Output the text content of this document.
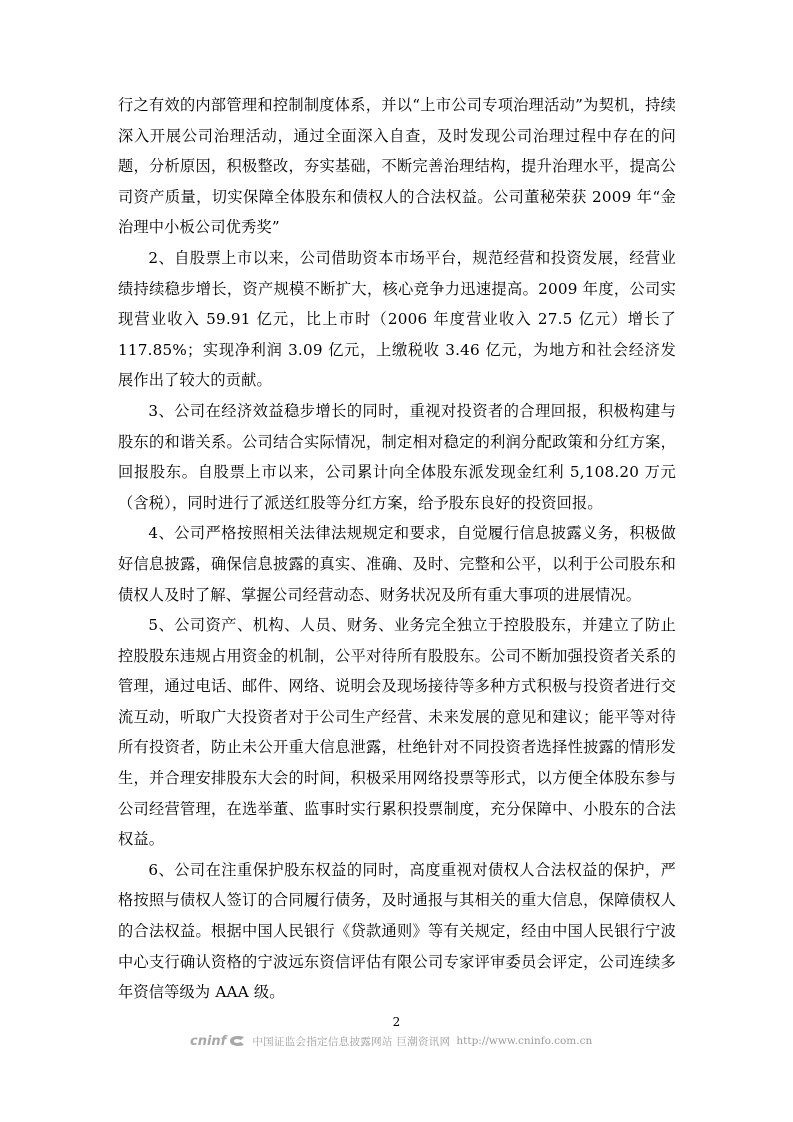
行之有效的内部管理和控制制度体系，并以“上市公司专项治理活动”为契机，持续深入开展公司治理活动，通过全面深入自查，及时发现公司治理过程中存在的问题，分析原因，积极整改，夯实基础，不断完善治理结构，提升治理水平，提高公司资产质量，切实保障全体股东和债权人的合法权益。公司董秘荣获 2009 年“金治理中小板公司优秀奖”

2、自股票上市以来，公司借助资本市场平台，规范经营和投资发展，经营业绩持续稳步增长，资产规模不断扩大，核心竞争力迅速提高。2009 年度，公司实现营业收入 59.91 亿元，比上市时（2006 年度营业收入 27.5 亿元）增长了 117.85%；实现净利润 3.09 亿元，上缴税收 3.46 亿元，为地方和社会经济发展作出了较大的贡献。

3、公司在经济效益稳步增长的同时，重视对投资者的合理回报，积极构建与股东的和谐关系。公司结合实际情况，制定相对稳定的利润分配政策和分红方案，回报股东。自股票上市以来，公司累计向全体股东派发现金红利 5,108.20 万元（含税），同时进行了派送红股等分红方案，给予股东良好的投资回报。

4、公司严格按照相关法律法规规定和要求，自觉履行信息披露义务，积极做好信息披露，确保信息披露的真实、准确、及时、完整和公平，以利于公司股东和债权人及时了解、掌握公司经营动态、财务状况及所有重大事项的进展情况。

5、公司资产、机构、人员、财务、业务完全独立于控股股东，并建立了防止控股股东违规占用资金的机制，公平对待所有股股东。公司不断加强投资者关系的管理，通过电话、邮件、网络、说明会及现场接待等多种方式积极与投资者进行交流互动，听取广大投资者对于公司生产经营、未来发展的意见和建议；能平等对待所有投资者，防止未公开重大信息泄露，杜绝针对不同投资者选择性披露的情形发生，并合理安排股东大会的时间，积极采用网络投票等形式，以方便全体股东参与公司经营管理，在选举董、监事时实行累积投票制度，充分保障中、小股东的合法权益。

6、公司在注重保护股东权益的同时，高度重视对债权人合法权益的保护，严格按照与债权人签订的合同履行债务，及时通报与其相关的重大信息，保障债权人的合法权益。根据中国人民银行《贷款通则》等有关规定，经由中国人民银行宁波中心支行确认资格的宁波远东资信评估有限公司专家评审委员会评定，公司连续多年资信等级为 AAA 级。

2
cninf 中国证监会指定信息披露网站 巨潮资讯网 http://www.cninfo.com.cn
